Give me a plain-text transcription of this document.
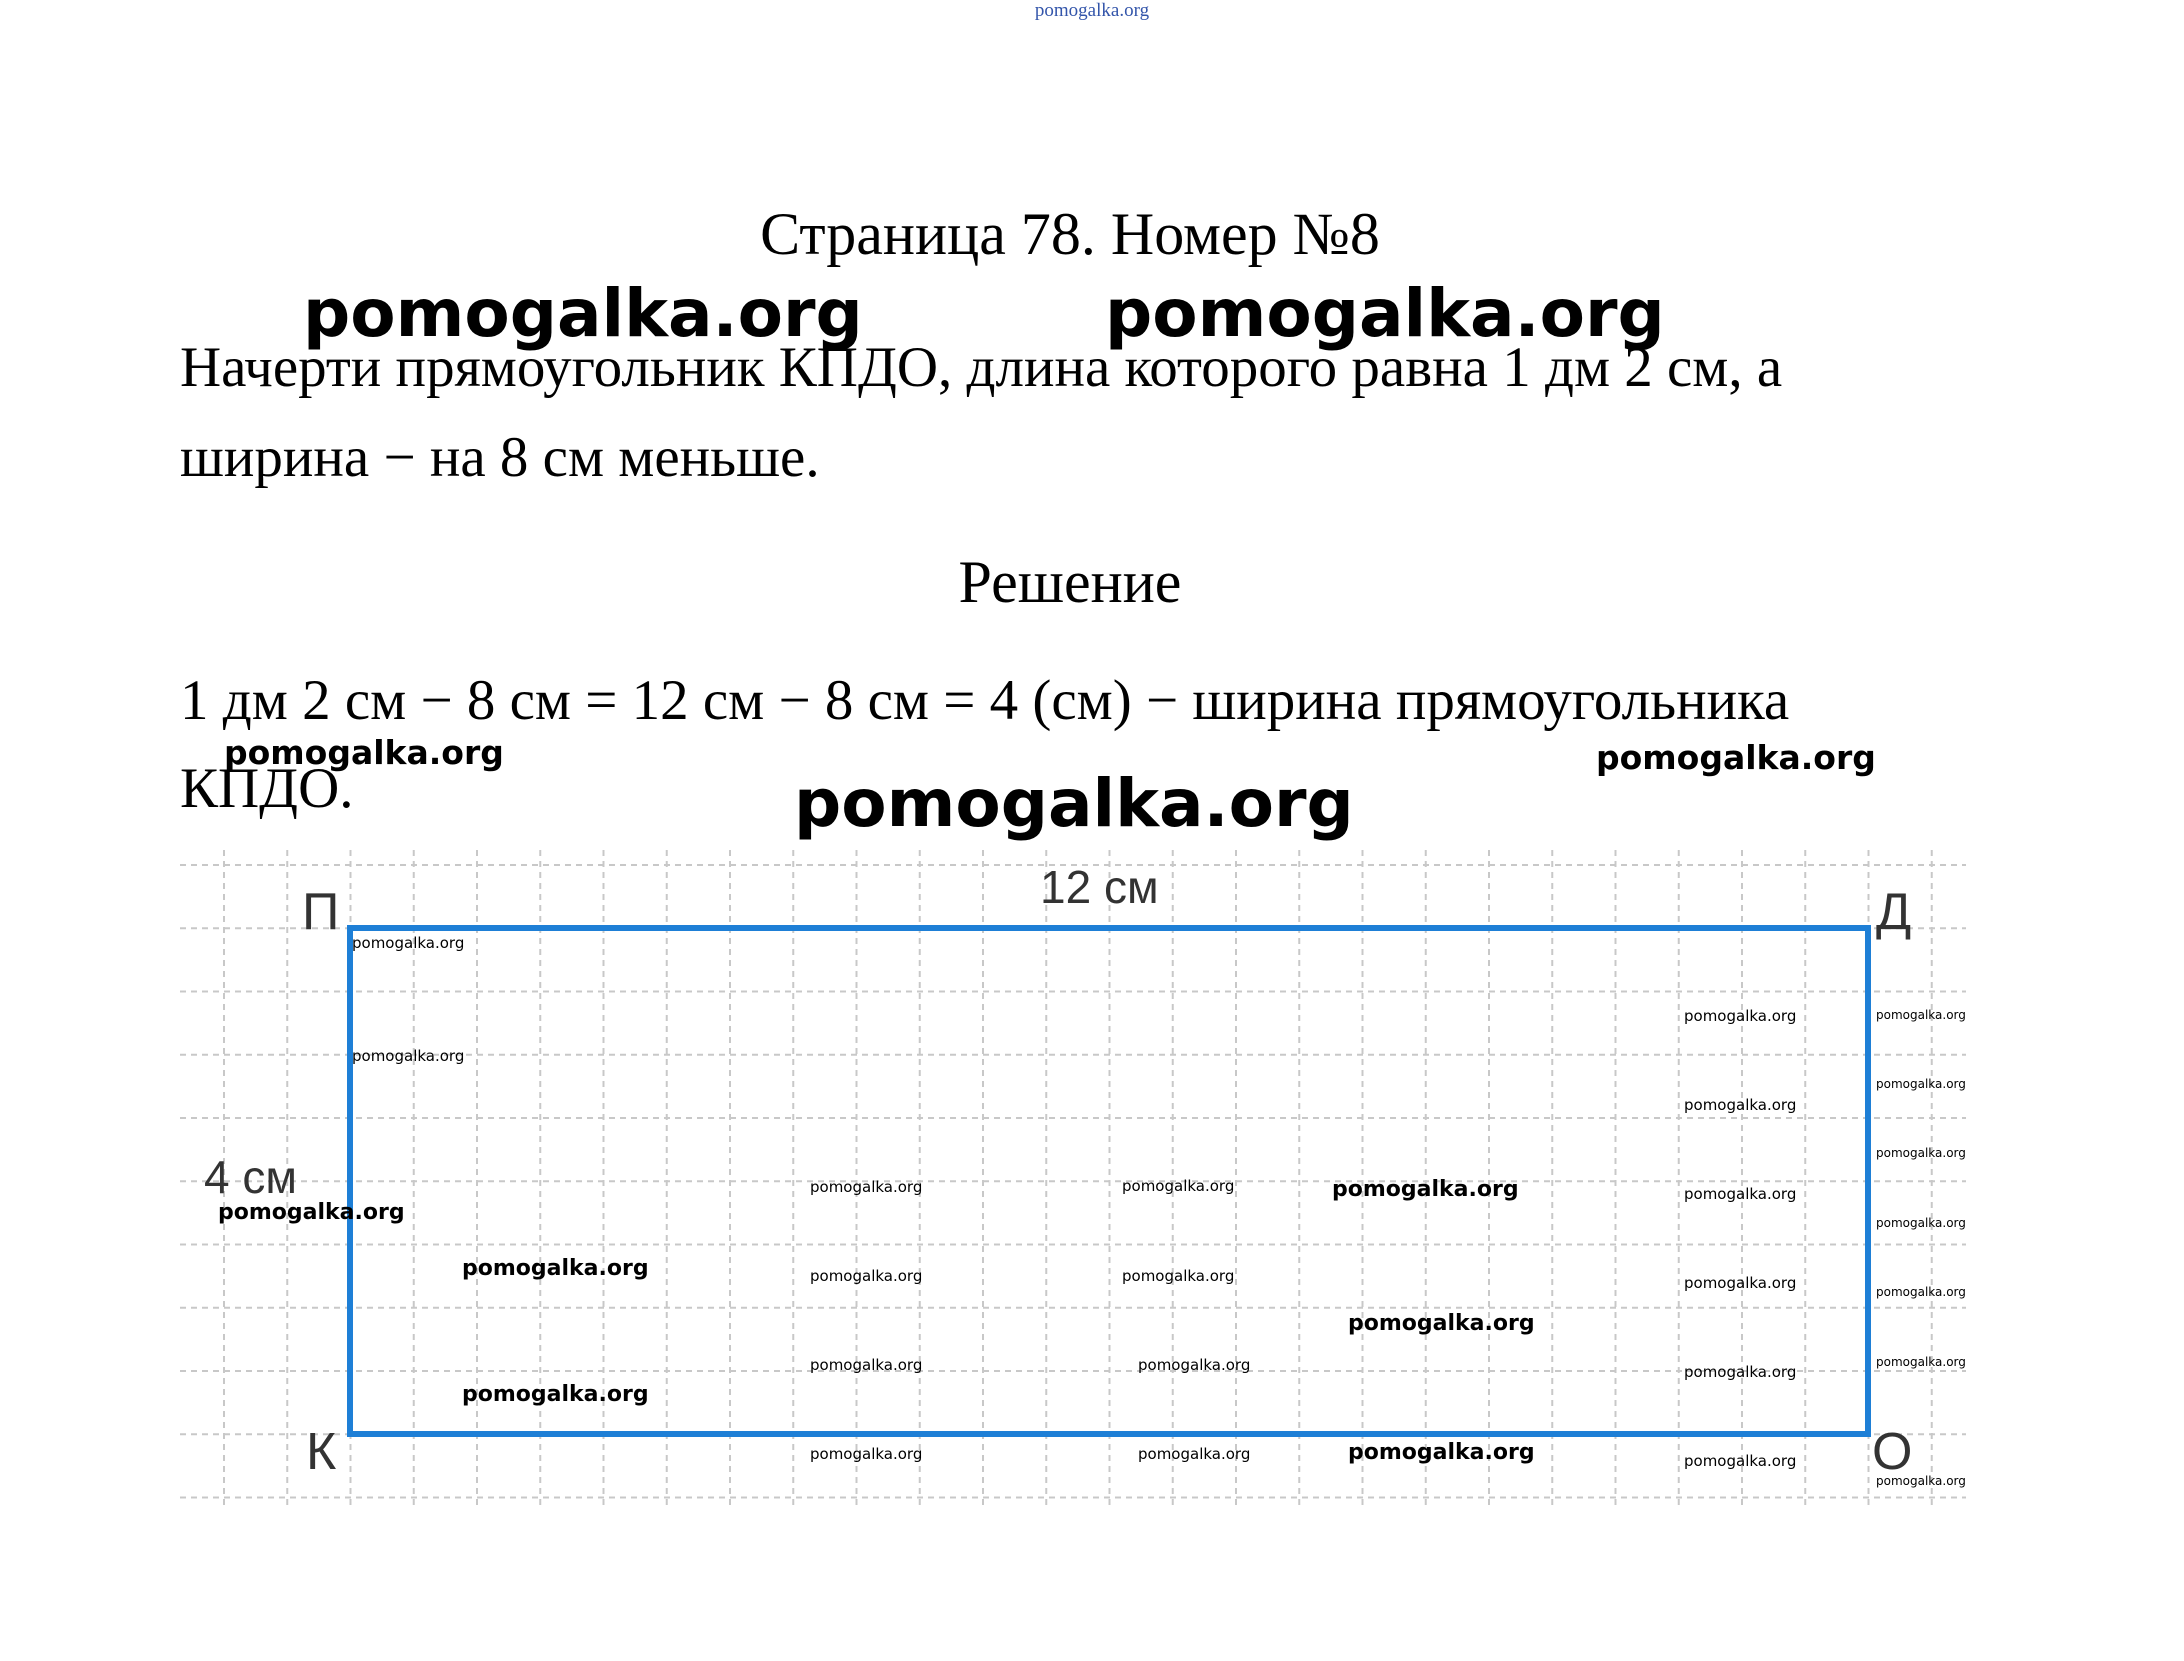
pomogalka.org
Страница 78. Номер №8
Начерти прямоугольник КПДО, длина которого равна 1 дм 2 см, а
ширина − на 8 см меньше.
Решение
1 дм 2 см − 8 см = 12 см − 8 см = 4 (см) − ширина прямоугольника
КПДО.
П	Д
К	О
12 см
4 см
pomogalka.org	pomogalka.org
pomogalka.org
pomogalka.org	pomogalka.org
pomogalka.org
pomogalka.org
pomogalka.org
pomogalka.org
pomogalka.org
pomogalka.org
pomogalka.org
pomogalka.org
pomogalka.org
pomogalka.org
pomogalka.org
pomogalka.org
pomogalka.org
pomogalka.org
pomogalka.org
pomogalka.org
pomogalka.org
pomogalka.org
pomogalka.org
pomogalka.org
pomogalka.org
pomogalka.org
pomogalka.org
pomogalka.org
pomogalka.org
pomogalka.org
pomogalka.org
pomogalka.org
pomogalka.org
